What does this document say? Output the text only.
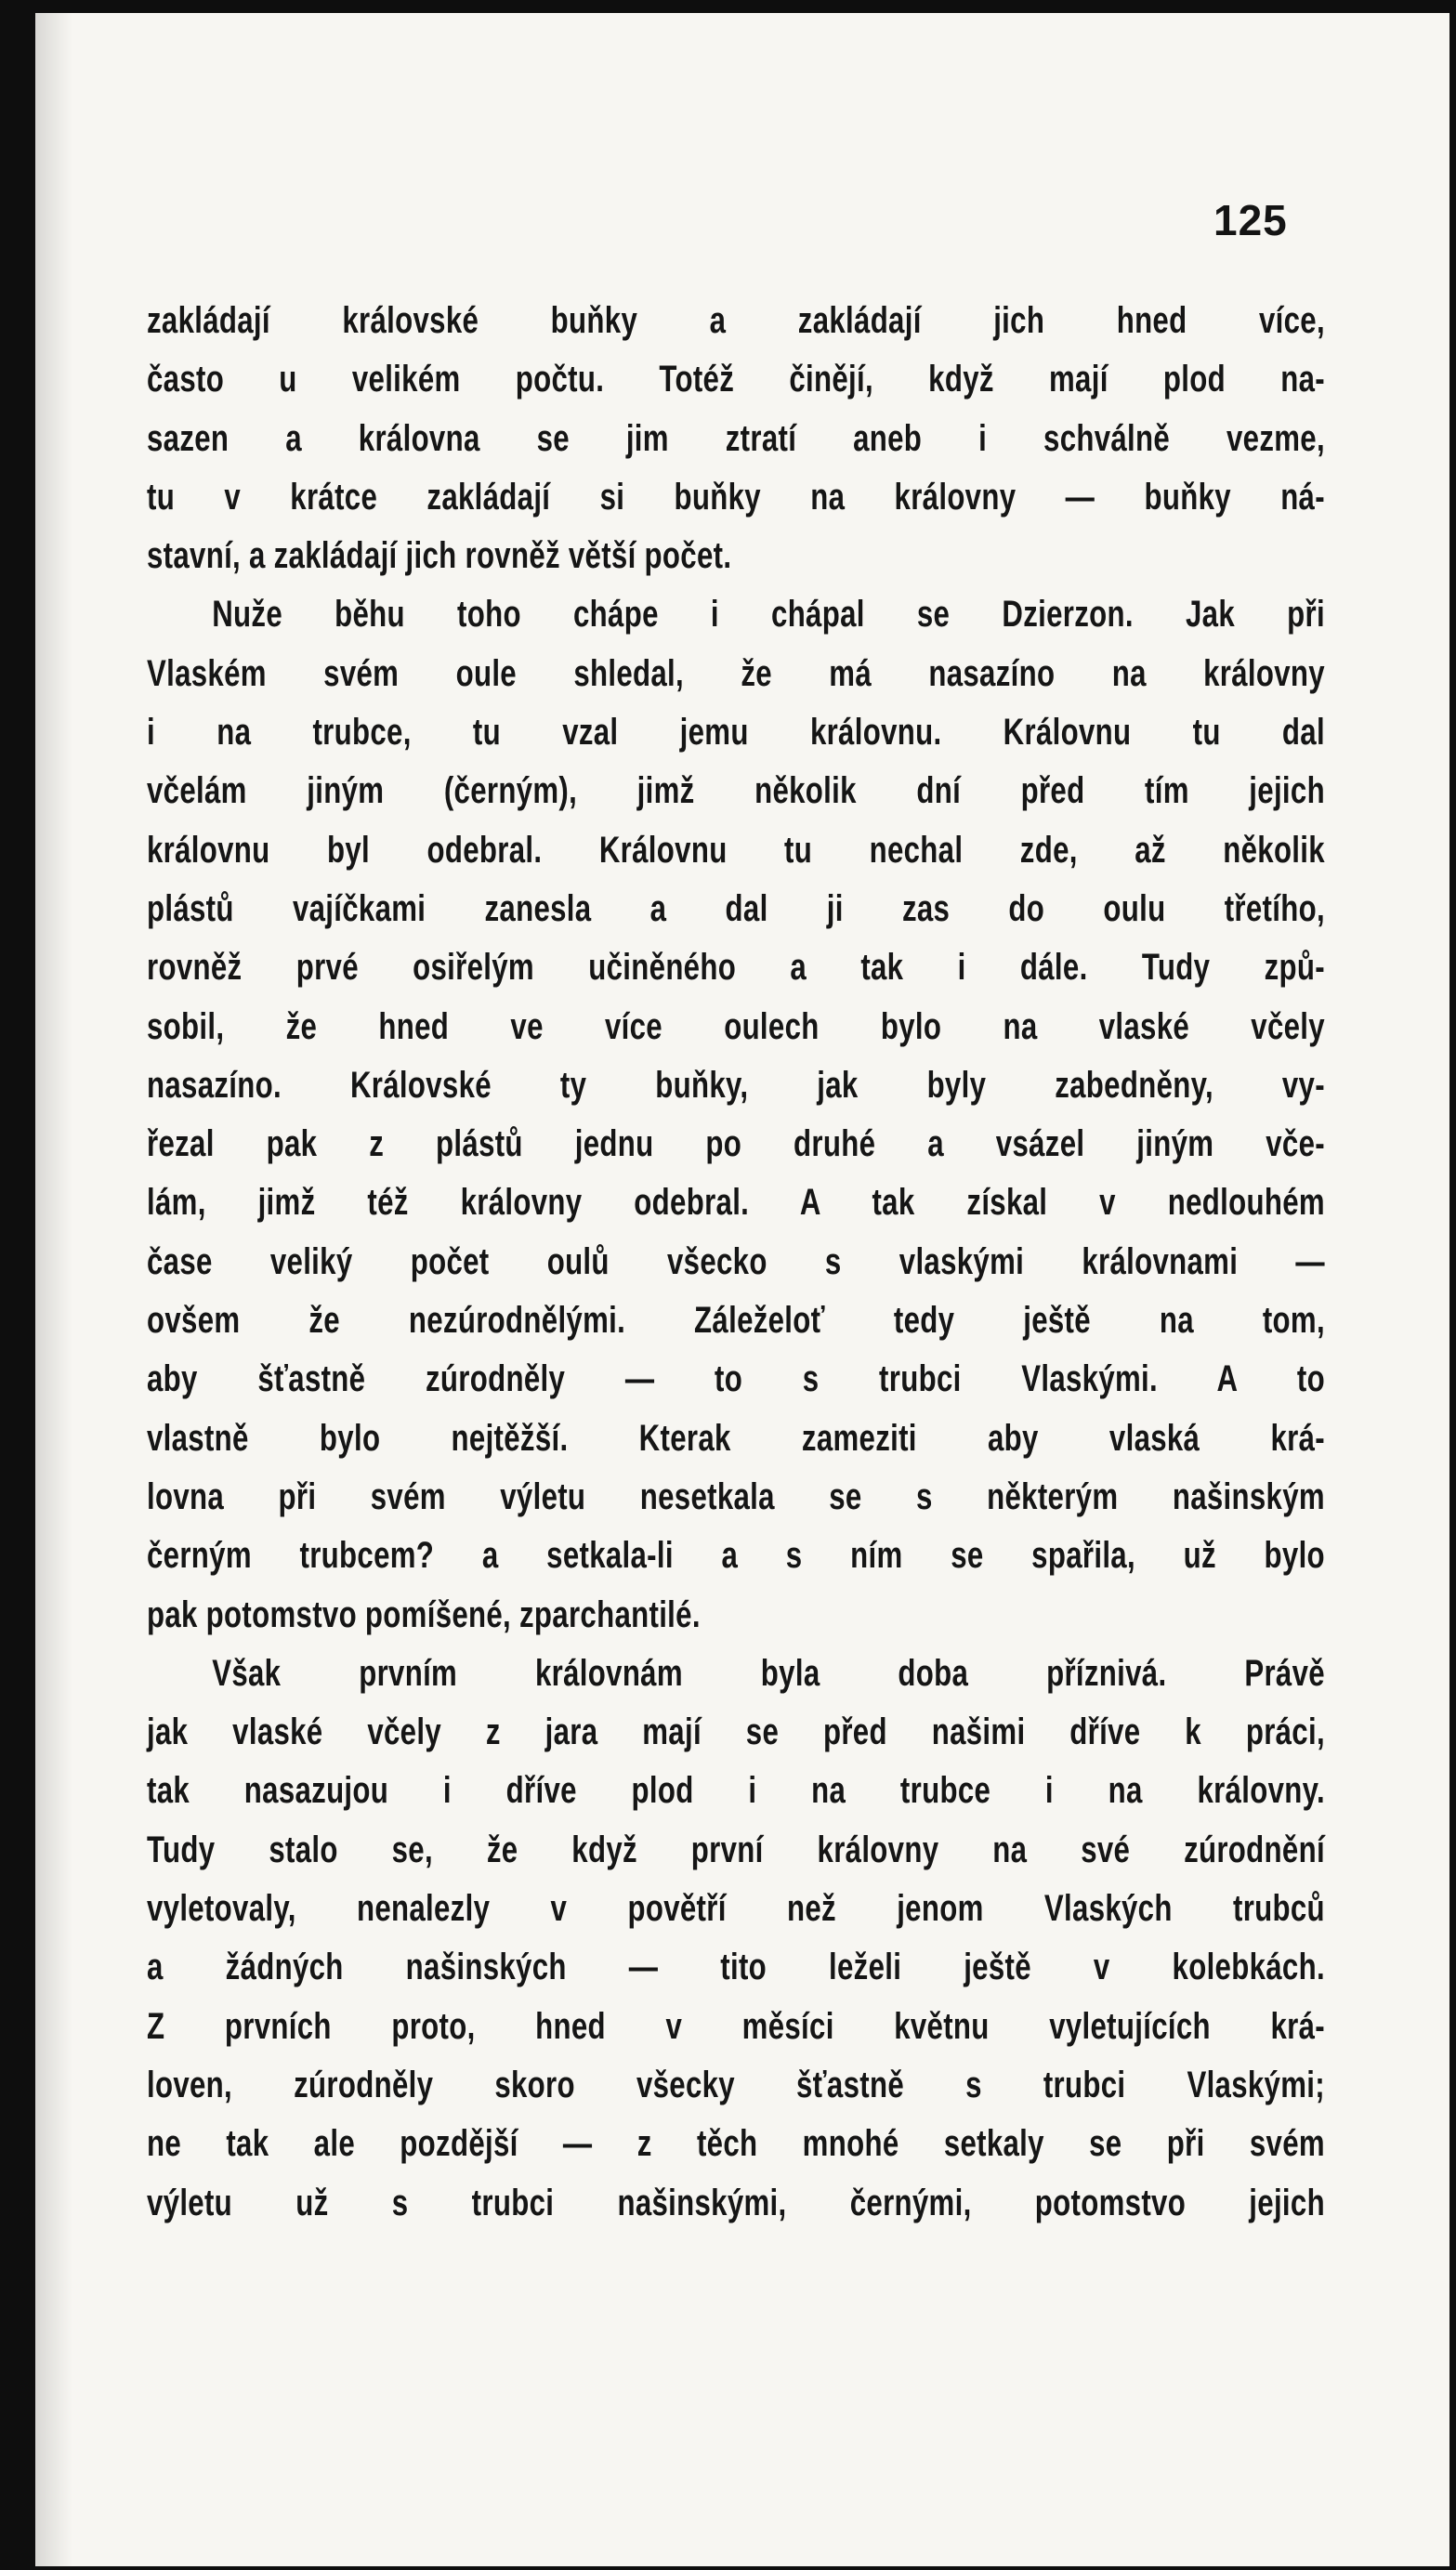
125
zakládají královské buňky a zakládají jich hned více,
často u velikém počtu. Totéž činějí, když mají plod na-
sazen a královna se jim ztratí aneb i schválně vezme,
tu v krátce zakládají si buňky na královny — buňky ná-
stavní, a zakládají jich rovněž větší počet.
Nuže běhu toho chápe i chápal se Dzierzon. Jak při
Vlaském svém oule shledal, že má nasazíno na královny
i na trubce, tu vzal jemu královnu. Královnu tu dal
včelám jiným (černým), jimž několik dní před tím jejich
královnu byl odebral. Královnu tu nechal zde, až několik
plástů vajíčkami zanesla a dal ji zas do oulu třetího,
rovněž prvé osiřelým učiněného a tak i dále. Tudy způ-
sobil, že hned ve více oulech bylo na vlaské včely
nasazíno. Královské ty buňky, jak byly zabedněny, vy-
řezal pak z plástů jednu po druhé a vsázel jiným vče-
lám, jimž též královny odebral. A tak získal v nedlouhém
čase veliký počet oulů všecko s vlaskými královnami —
ovšem že nezúrodnělými. Záleželoť tedy ještě na tom,
aby šťastně zúrodněly — to s trubci Vlaskými. A to
vlastně bylo nejtěžší. Kterak zameziti aby vlaská krá-
lovna při svém výletu nesetkala se s některým našinským
černým trubcem? a setkala-li a s ním se spařila, už bylo
pak potomstvo pomíšené, zparchantilé.
Však prvním královnám byla doba příznivá. Právě
jak vlaské včely z jara mají se před našimi dříve k práci,
tak nasazujou i dříve plod i na trubce i na královny.
Tudy stalo se, že když první královny na své zúrodnění
vyletovaly, nenalezly v povětří než jenom Vlaských trubců
a žádných našinských — tito leželi ještě v kolebkách.
Z prvních proto, hned v měsíci květnu vyletujících krá-
loven, zúrodněly skoro všecky šťastně s trubci Vlaskými;
ne tak ale pozdější — z těch mnohé setkaly se při svém
výletu už s trubci našinskými, černými, potomstvo jejich
